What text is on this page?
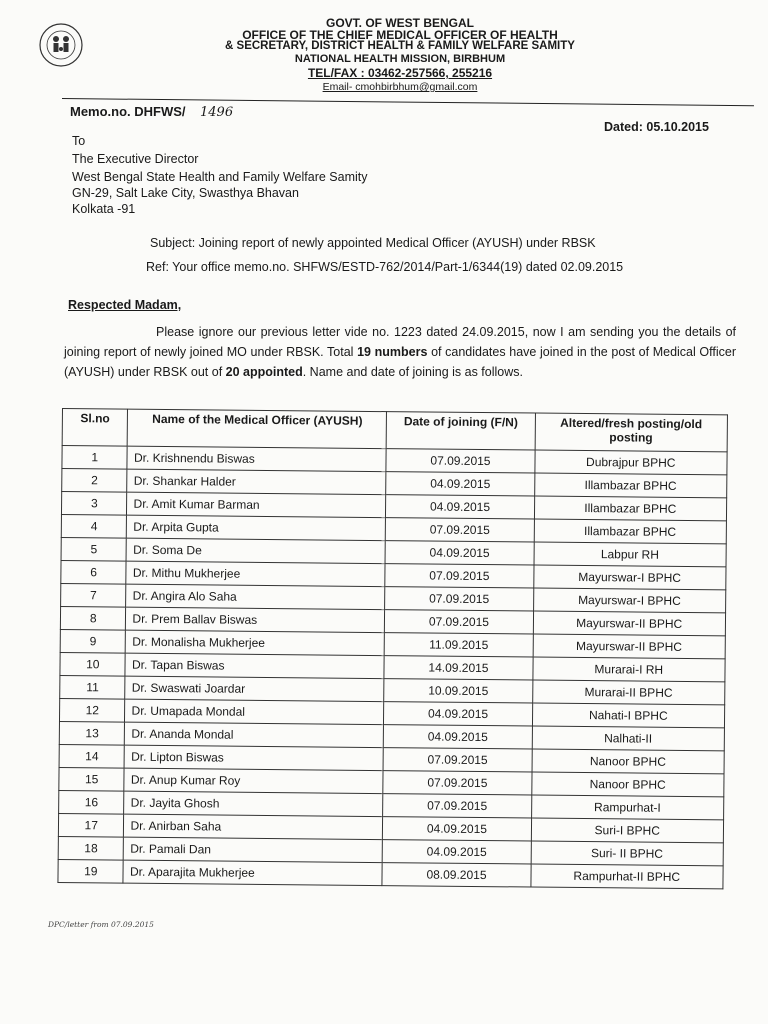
GOVT. OF WEST BENGAL
OFFICE OF THE CHIEF MEDICAL OFFICER OF HEALTH
& SECRETARY, DISTRICT HEALTH & FAMILY WELFARE SAMITY
NATIONAL HEALTH MISSION, BIRBHUM
TEL/FAX : 03462-257566, 255216
Email- cmohbirbhum@gmail.com
Memo.no. DHFWS/ 1496
Dated: 05.10.2015
To
The Executive Director
West Bengal State Health and Family Welfare Samity
GN-29, Salt Lake City, Swasthya Bhavan
Kolkata -91
Subject: Joining report of newly appointed Medical Officer (AYUSH) under RBSK
Ref: Your office memo.no. SHFWS/ESTD-762/2014/Part-1/6344(19) dated 02.09.2015
Respected Madam,

Please ignore our previous letter vide no. 1223 dated 24.09.2015, now I am sending you the details of joining report of newly joined MO under RBSK. Total 19 numbers of candidates have joined in the post of Medical Officer (AYUSH) under RBSK out of 20 appointed. Name and date of joining is as follows.

Sl.no	Name of the Medical Officer (AYUSH)	Date of joining (F/N)	Altered/fresh posting/old posting
1	Dr. Krishnendu Biswas	07.09.2015	Dubrajpur BPHC
2	Dr. Shankar Halder	04.09.2015	Illambazar BPHC
3	Dr. Amit Kumar Barman	04.09.2015	Illambazar BPHC
4	Dr. Arpita Gupta	07.09.2015	Illambazar BPHC
5	Dr. Soma De	04.09.2015	Labpur RH
6	Dr. Mithu Mukherjee	07.09.2015	Mayurswar-I BPHC
7	Dr. Angira Alo Saha	07.09.2015	Mayurswar-I BPHC
8	Dr. Prem Ballav Biswas	07.09.2015	Mayurswar-II BPHC
9	Dr. Monalisha Mukherjee	11.09.2015	Mayurswar-II BPHC
10	Dr. Tapan Biswas	14.09.2015	Murarai-I RH
11	Dr. Swaswati Joardar	10.09.2015	Murarai-II BPHC
12	Dr. Umapada Mondal	04.09.2015	Nahati-I BPHC
13	Dr. Ananda Mondal	04.09.2015	Nalhati-II
14	Dr. Lipton Biswas	07.09.2015	Nanoor BPHC
15	Dr. Anup Kumar Roy	07.09.2015	Nanoor BPHC
16	Dr. Jayita Ghosh	07.09.2015	Rampurhat-I
17	Dr. Anirban Saha	04.09.2015	Suri-I BPHC
18	Dr. Pamali Dan	04.09.2015	Suri- II BPHC
19	Dr. Aparajita Mukherjee	08.09.2015	Rampurhat-II BPHC
DPC/letter from 07.09.2015
